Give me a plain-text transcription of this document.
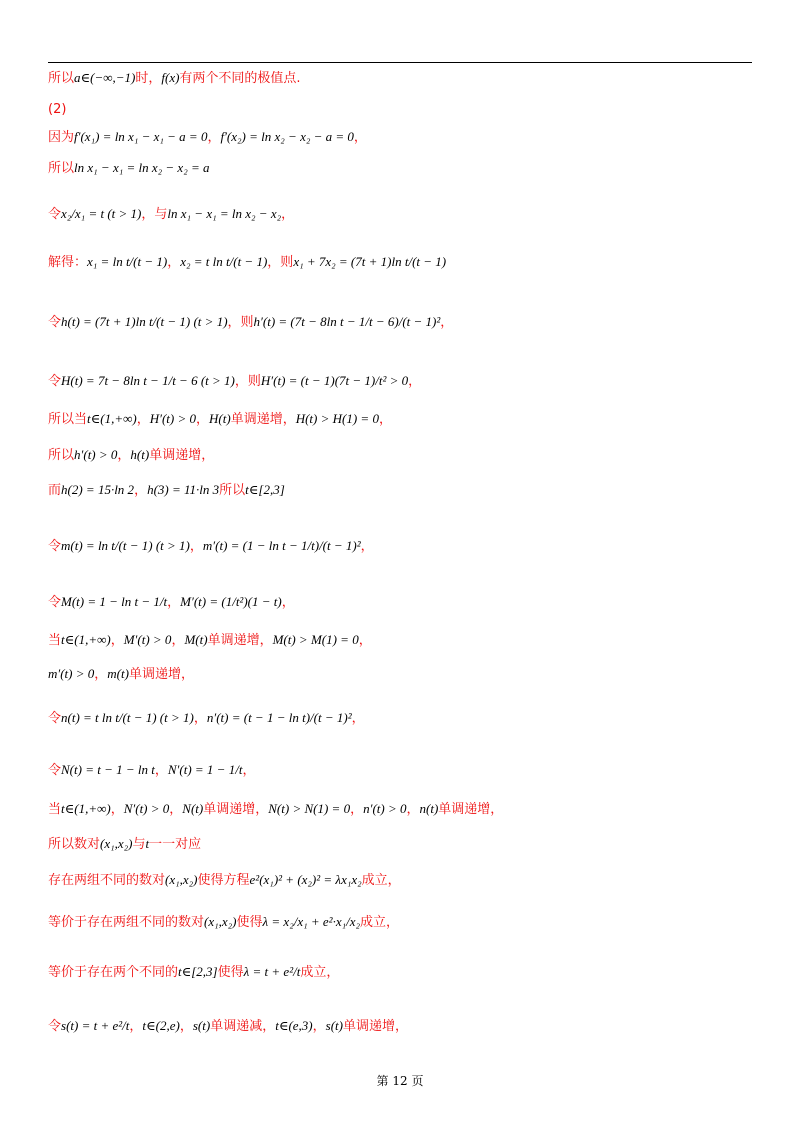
所以a∈(−∞,−1)时，f(x)有两个不同的极值点.
(2)
因为f′(x₁) = ln x₁ − x₁ − a = 0，f′(x₂) = ln x₂ − x₂ − a = 0，
所以ln x₁ − x₁ = ln x₂ − x₂ = a
令x₂/x₁ = t (t > 1)，与ln x₁ − x₁ = ln x₂ − x₂，
解得：x₁ = ln t/(t − 1)，x₂ = t ln t/(t − 1)，则x₁ + 7x₂ = (7t + 1)ln t/(t − 1)
令h(t) = (7t + 1)ln t/(t − 1) (t > 1)，则h′(t) = (7t − 8ln t − 1/t − 6)/(t − 1)²，
令H(t) = 7t − 8ln t − 1/t − 6 (t > 1)，则H′(t) = (t − 1)(7t − 1)/t² > 0，
所以当t∈(1,+∞)，H′(t) > 0，H(t)单调递增，H(t) > H(1) = 0，
所以h′(t) > 0，h(t)单调递增，
而h(2) = 15·ln 2，h(3) = 11·ln 3所以t∈[2,3]
令m(t) = ln t/(t − 1) (t > 1)，m′(t) = (1 − ln t − 1/t)/(t − 1)²，
令M(t) = 1 − ln t − 1/t，M′(t) = (1/t²)(1 − t)，
当t∈(1,+∞)，M′(t) > 0，M(t)单调递增，M(t) > M(1) = 0，
m′(t) > 0，m(t)单调递增，
令n(t) = t ln t/(t − 1) (t > 1)，n′(t) = (t − 1 − ln t)/(t − 1)²，
令N(t) = t − 1 − ln t，N′(t) = 1 − 1/t，
当t∈(1,+∞)，N′(t) > 0，N(t)单调递增，N(t) > N(1) = 0，n′(t) > 0，n(t)单调递增，
所以数对(x₁,x₂)与t一一对应
存在两组不同的数对(x₁,x₂)使得方程e²(x₁)² + (x₂)² = λx₁x₂成立，
等价于存在两组不同的数对(x₁,x₂)使得λ = x₂/x₁ + e²·x₁/x₂成立，
等价于存在两个不同的t∈[2,3]使得λ = t + e²/t成立，
令s(t) = t + e²/t，t∈(2,e)，s(t)单调递减，t∈(e,3)，s(t)单调递增，
第 12 页
